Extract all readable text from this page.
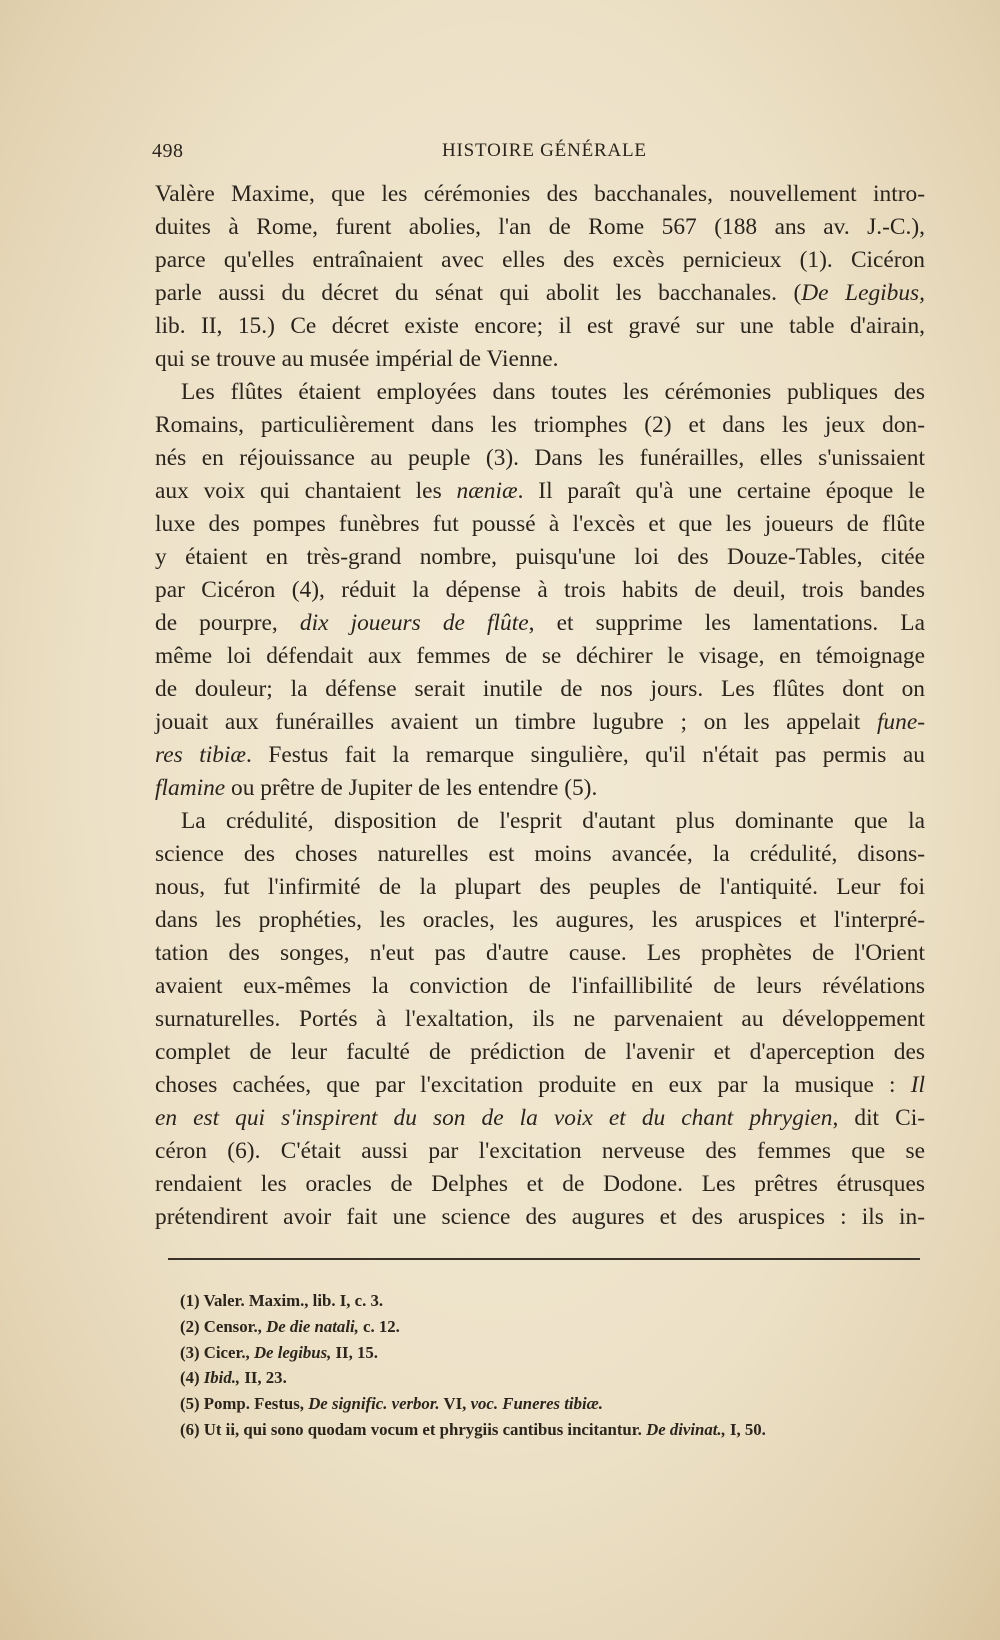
498	HISTOIRE GÉNÉRALE

Valère Maxime, que les cérémonies des bacchanales, nouvellement intro-

duites à Rome, furent abolies, l'an de Rome 567 (188 ans av. J.-C.),

parce qu'elles entraînaient avec elles des excès pernicieux (1). Cicéron

parle aussi du décret du sénat qui abolit les bacchanales. (De Legibus,

lib. II, 15.) Ce décret existe encore; il est gravé sur une table d'airain,

qui se trouve au musée impérial de Vienne.

Les flûtes étaient employées dans toutes les cérémonies publiques des

Romains, particulièrement dans les triomphes (2) et dans les jeux don-

nés en réjouissance au peuple (3). Dans les funérailles, elles s'unissaient

aux voix qui chantaient les næniæ. Il paraît qu'à une certaine époque le

luxe des pompes funèbres fut poussé à l'excès et que les joueurs de flûte

y étaient en très-grand nombre, puisqu'une loi des Douze-Tables, citée

par Cicéron (4), réduit la dépense à trois habits de deuil, trois bandes

de pourpre, dix joueurs de flûte, et supprime les lamentations. La

même loi défendait aux femmes de se déchirer le visage, en témoignage

de douleur; la défense serait inutile de nos jours. Les flûtes dont on

jouait aux funérailles avaient un timbre lugubre ; on les appelait fune-

res tibiæ. Festus fait la remarque singulière, qu'il n'était pas permis au

flamine ou prêtre de Jupiter de les entendre (5).

La crédulité, disposition de l'esprit d'autant plus dominante que la

science des choses naturelles est moins avancée, la crédulité, disons-

nous, fut l'infirmité de la plupart des peuples de l'antiquité. Leur foi

dans les prophéties, les oracles, les augures, les aruspices et l'interpré-

tation des songes, n'eut pas d'autre cause. Les prophètes de l'Orient

avaient eux-mêmes la conviction de l'infaillibilité de leurs révélations

surnaturelles. Portés à l'exaltation, ils ne parvenaient au développement

complet de leur faculté de prédiction de l'avenir et d'aperception des

choses cachées, que par l'excitation produite en eux par la musique : Il

en est qui s'inspirent du son de la voix et du chant phrygien, dit Ci-

céron (6). C'était aussi par l'excitation nerveuse des femmes que se

rendaient les oracles de Delphes et de Dodone. Les prêtres étrusques

prétendirent avoir fait une science des augures et des aruspices : ils in-

(1) Valer. Maxim., lib. I, c. 3.
(2) Censor., De die natali, c. 12.
(3) Cicer., De legibus, II, 15.
(4) Ibid., II, 23.
(5) Pomp. Festus, De signific. verbor. VI, voc. Funeres tibiæ.
(6) Ut ii, qui sono quodam vocum et phrygiis cantibus incitantur. De divinat., I, 50.
